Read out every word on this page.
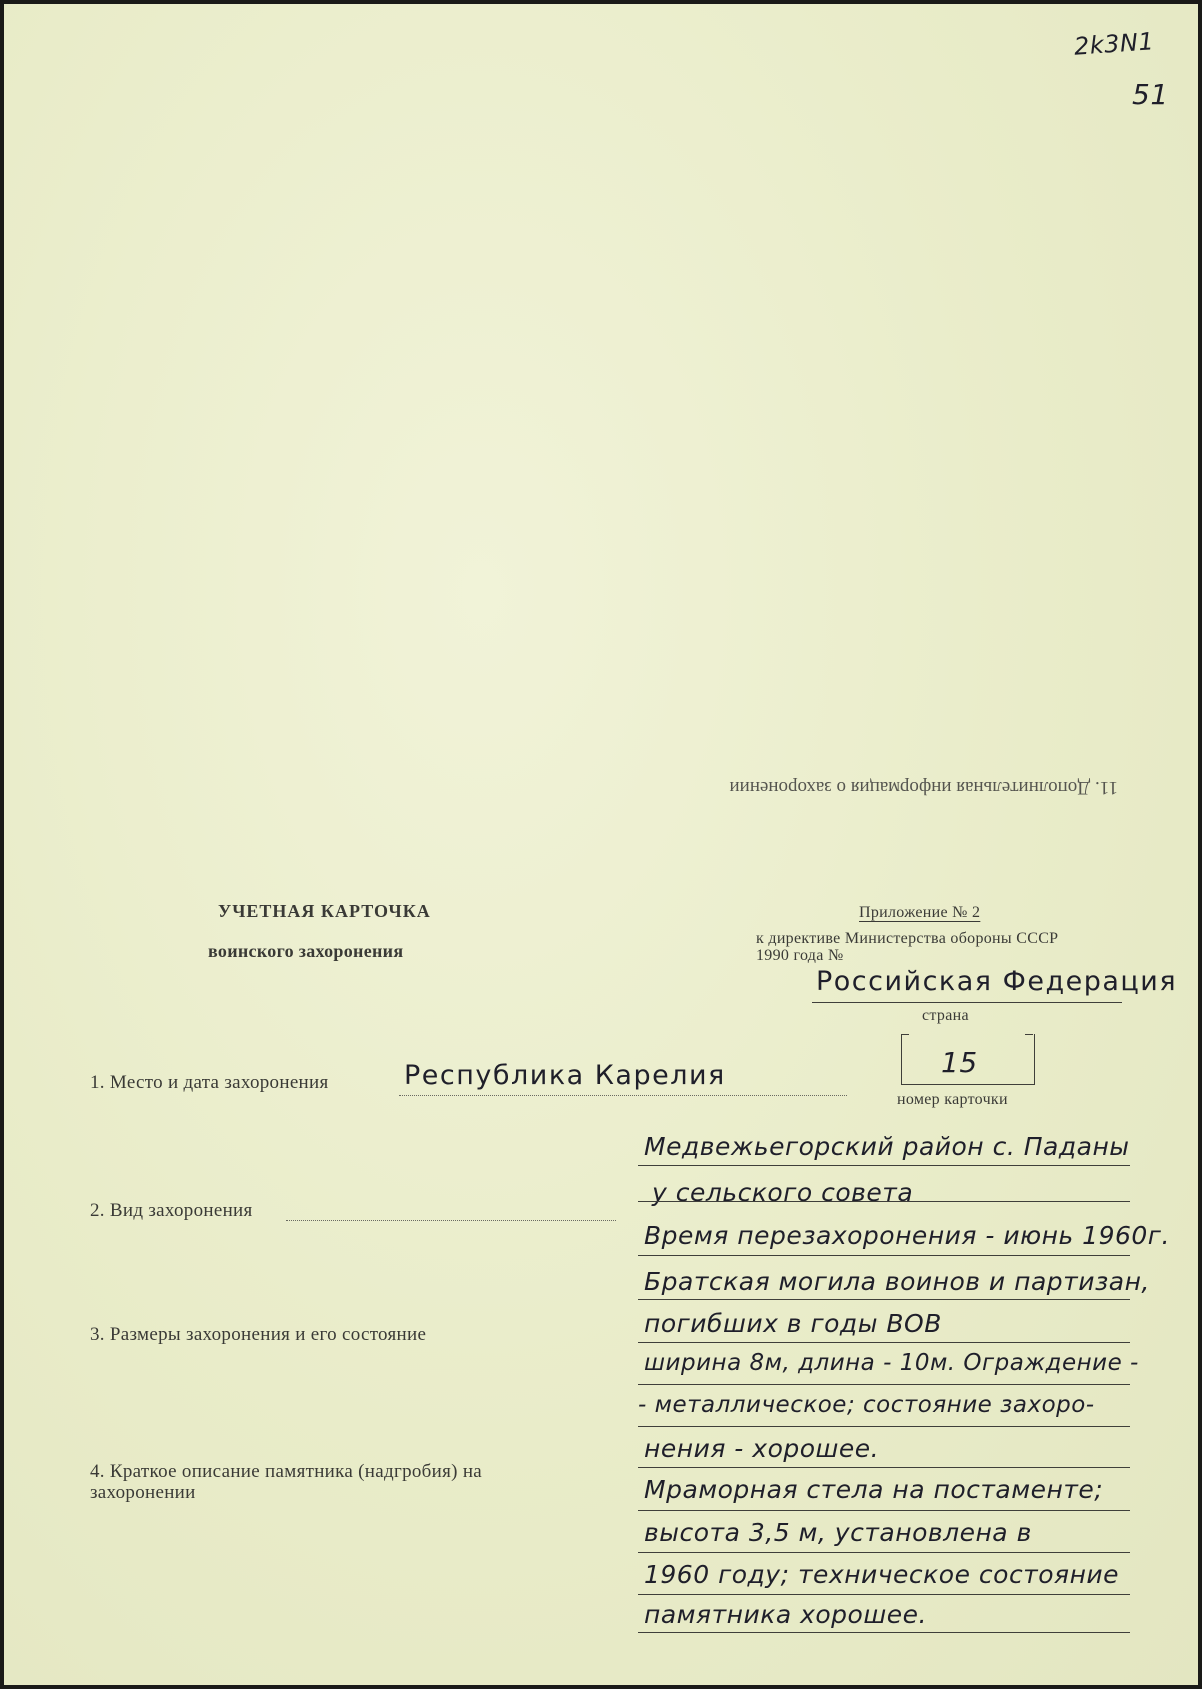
2k3N1
51
11. Дополнительная информация о захоронении
УЧЕТНАЯ КАРТОЧКА
воинского захоронения
Приложение № 2
к директиве Министерства обороны СССР
1990 года №
Российская Федерация
страна
15
номер карточки
1. Место и дата захоронения	Республика Карелия
2. Вид захоронения
3. Размеры захоронения и его состояние
4. Краткое описание памятника (надгробия) на
захоронении
Медвежьегорский район с. Паданы
у сельского совета
Время перезахоронения - июнь 1960г.
Братская могила воинов и партизан,
погибших в годы ВОВ
ширина 8м, длина - 10м. Ограждение -
- металлическое; состояние захоро-
нения - хорошее.
Мраморная стела на постаменте;
высота 3,5 м, установлена в
1960 году; техническое состояние
памятника хорошее.
